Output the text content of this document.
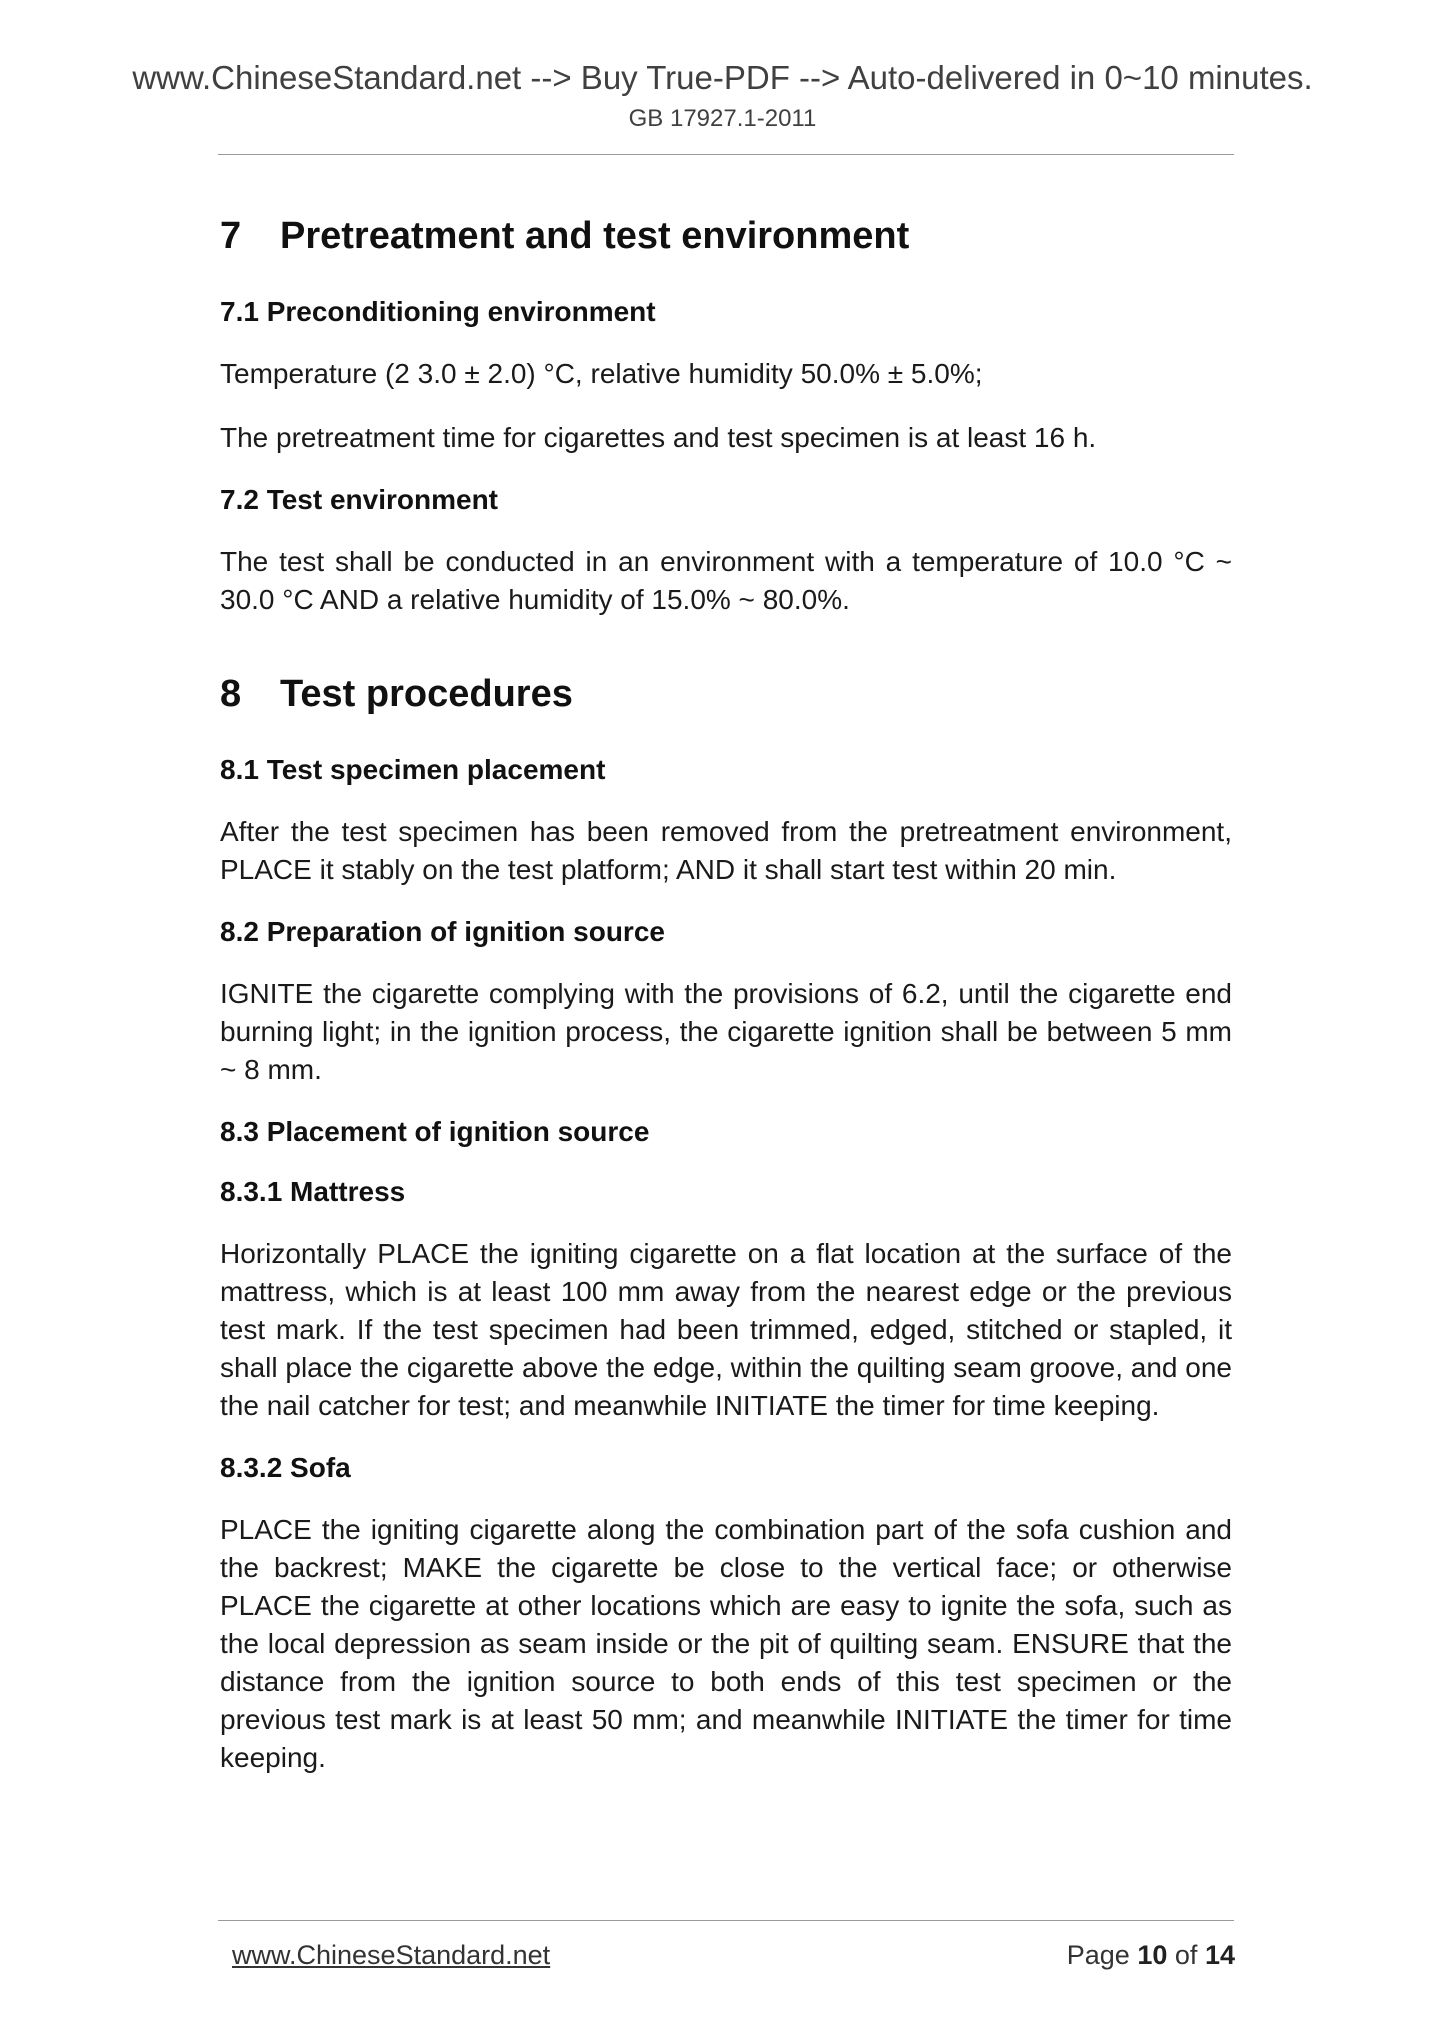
www.ChineseStandard.net --> Buy True-PDF --> Auto-delivered in 0~10 minutes.
GB 17927.1-2011
7	Pretreatment and test environment
7.1 Preconditioning environment
Temperature (2 3.0 ± 2.0) °C, relative humidity 50.0% ± 5.0%;
The pretreatment time for cigarettes and test specimen is at least 16 h.
7.2 Test environment
The test shall be conducted in an environment with a temperature of 10.0 °C ~ 30.0 °C AND a relative humidity of 15.0% ~ 80.0%.
8	Test procedures
8.1 Test specimen placement
After the test specimen has been removed from the pretreatment environment, PLACE it stably on the test platform; AND it shall start test within 20 min.
8.2 Preparation of ignition source
IGNITE the cigarette complying with the provisions of 6.2, until the cigarette end burning light; in the ignition process, the cigarette ignition shall be between 5 mm ~ 8 mm.
8.3 Placement of ignition source
8.3.1 Mattress
Horizontally PLACE the igniting cigarette on a flat location at the surface of the mattress, which is at least 100 mm away from the nearest edge or the previous test mark. If the test specimen had been trimmed, edged, stitched or stapled, it shall place the cigarette above the edge, within the quilting seam groove, and one the nail catcher for test; and meanwhile INITIATE the timer for time keeping.
8.3.2 Sofa
PLACE the igniting cigarette along the combination part of the sofa cushion and the backrest; MAKE the cigarette be close to the vertical face; or otherwise PLACE the cigarette at other locations which are easy to ignite the sofa, such as the local depression as seam inside or the pit of quilting seam. ENSURE that the distance from the ignition source to both ends of this test specimen or the previous test mark is at least 50 mm; and meanwhile INITIATE the timer for time keeping.
www.ChineseStandard.net	Page 10 of 14
